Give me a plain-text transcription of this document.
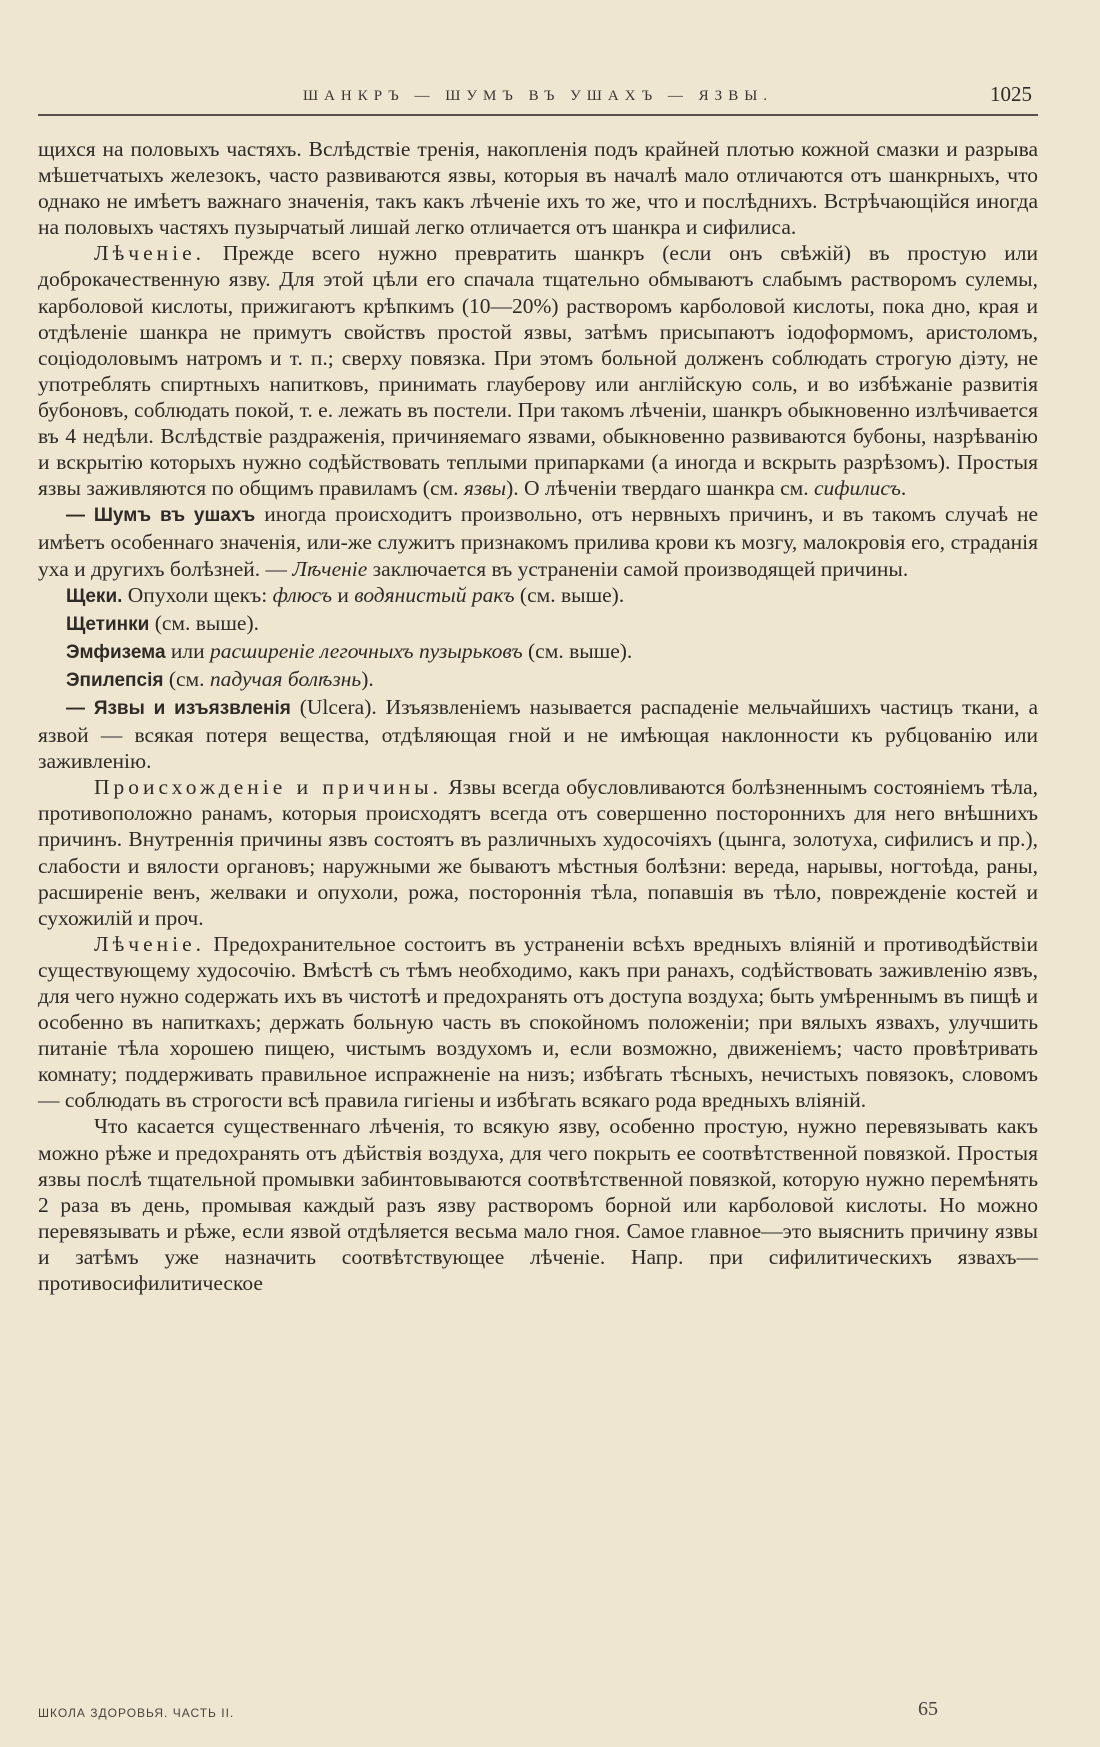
ШАНКРЪ — ШУМЪ ВЪ УШАХЪ — ЯЗВЫ.	1025

щихся на половыхъ частяхъ. Вслѣдствіе тренія, накопленія подъ крайней плотью кожной смазки и разрыва мѣшетчатыхъ железокъ, часто развиваются язвы, которыя въ началѣ мало отличаются отъ шанкрныхъ, что однако не имѣетъ важнаго значенія, такъ какъ лѣченіе ихъ то же, что и послѣднихъ. Встрѣчающійся иногда на половыхъ частяхъ пузырчатый лишай легко отличается отъ шанкра и сифилиса.

Лѣченіе. Прежде всего нужно превратить шанкръ (если онъ свѣжій) въ простую или доброкачественную язву. Для этой цѣли его спачала тщательно обмываютъ слабымъ растворомъ сулемы, карболовой кислоты, прижигаютъ крѣпкимъ (10—20%) растворомъ карболовой кислоты, пока дно, края и отдѣленіе шанкра не примутъ свойствъ простой язвы, затѣмъ присыпаютъ іодоформомъ, аристоломъ, соціодоловымъ натромъ и т. п.; сверху повязка. При этомъ больной долженъ соблюдать строгую діэту, не употреблять спиртныхъ напитковъ, принимать глауберову или англійскую соль, и во избѣжаніе развитія бубоновъ, соблюдать покой, т. е. лежать въ постели. При такомъ лѣченіи, шанкръ обыкновенно излѣчивается въ 4 недѣли. Вслѣдствіе раздраженія, причиняемаго язвами, обыкновенно развиваются бубоны, назрѣванію и вскрытію которыхъ нужно содѣйствовать теплыми припарками (а иногда и вскрыть разрѣзомъ). Простыя язвы заживляются по общимъ правиламъ (см. язвы). О лѣченіи твердаго шанкра см. сифилисъ.

— Шумъ въ ушахъ иногда происходитъ произвольно, отъ нервныхъ причинъ, и въ такомъ случаѣ не имѣетъ особеннаго значенія, или-же служитъ признакомъ прилива крови къ мозгу, малокровія его, страданія уха и другихъ болѣзней. — Лѣченіе заключается въ устраненіи самой производящей причины.

Щеки. Опухоли щекъ: флюсъ и водянистый ракъ (см. выше).

Щетинки (см. выше).

Эмфизема или расширеніе легочныхъ пузырьковъ (см. выше).

Эпилепсія (см. падучая болѣзнь).

— Язвы и изъязвленія (Ulcera). Изъязвленіемъ называется распаденіе мельчайшихъ частицъ ткани, а язвой — всякая потеря вещества, отдѣляющая гной и не имѣющая наклонности къ рубцованію или заживленію.

Происхожденіе и причины. Язвы всегда обусловливаются болѣзненнымъ состояніемъ тѣла, противоположно ранамъ, которыя происходятъ всегда отъ совершенно постороннихъ для него внѣшнихъ причинъ. Внутреннія причины язвъ состоятъ въ различныхъ худосочіяхъ (цынга, золотуха, сифилисъ и пр.), слабости и вялости органовъ; наружными же бываютъ мѣстныя болѣзни: вереда, нарывы, ногтоѣда, раны, расширеніе венъ, желваки и опухоли, рожа, постороннія тѣла, попавшія въ тѣло, поврежденіе костей и сухожилій и проч.

Лѣченіе. Предохранительное состоитъ въ устраненіи всѣхъ вредныхъ вліяній и противодѣйствіи существующему худосочію. Вмѣстѣ съ тѣмъ необходимо, какъ при ранахъ, содѣйствовать заживленію язвъ, для чего нужно содержать ихъ въ чистотѣ и предохранять отъ доступа воздуха; быть умѣреннымъ въ пищѣ и особенно въ напиткахъ; держать больную часть въ спокойномъ положеніи; при вялыхъ язвахъ, улучшить питаніе тѣла хорошею пищею, чистымъ воздухомъ и, если возможно, движеніемъ; часто провѣтривать комнату; поддерживать правильное испражненіе на низъ; избѣгать тѣсныхъ, нечистыхъ повязокъ, словомъ — соблюдать въ строгости всѣ правила гигіены и избѣгать всякаго рода вредныхъ вліяній.

Что касается существеннаго лѣченія, то всякую язву, особенно простую, нужно перевязывать какъ можно рѣже и предохранять отъ дѣйствія воздуха, для чего покрыть ее соотвѣтственной повязкой. Простыя язвы послѣ тщательной промывки забинтовываются соотвѣтственной повязкой, которую нужно перемѣнять 2 раза въ день, промывая каждый разъ язву растворомъ борной или карболовой кислоты. Но можно перевязывать и рѣже, если язвой отдѣляется весьма мало гноя. Самое главное—это выяснить причину язвы и затѣмъ уже назначить соотвѣтствующее лѣченіе. Напр. при сифилитическихъ язвахъ—противосифилитическое

ШКОЛА ЗДОРОВЬЯ. ЧАСТЬ II.	65
